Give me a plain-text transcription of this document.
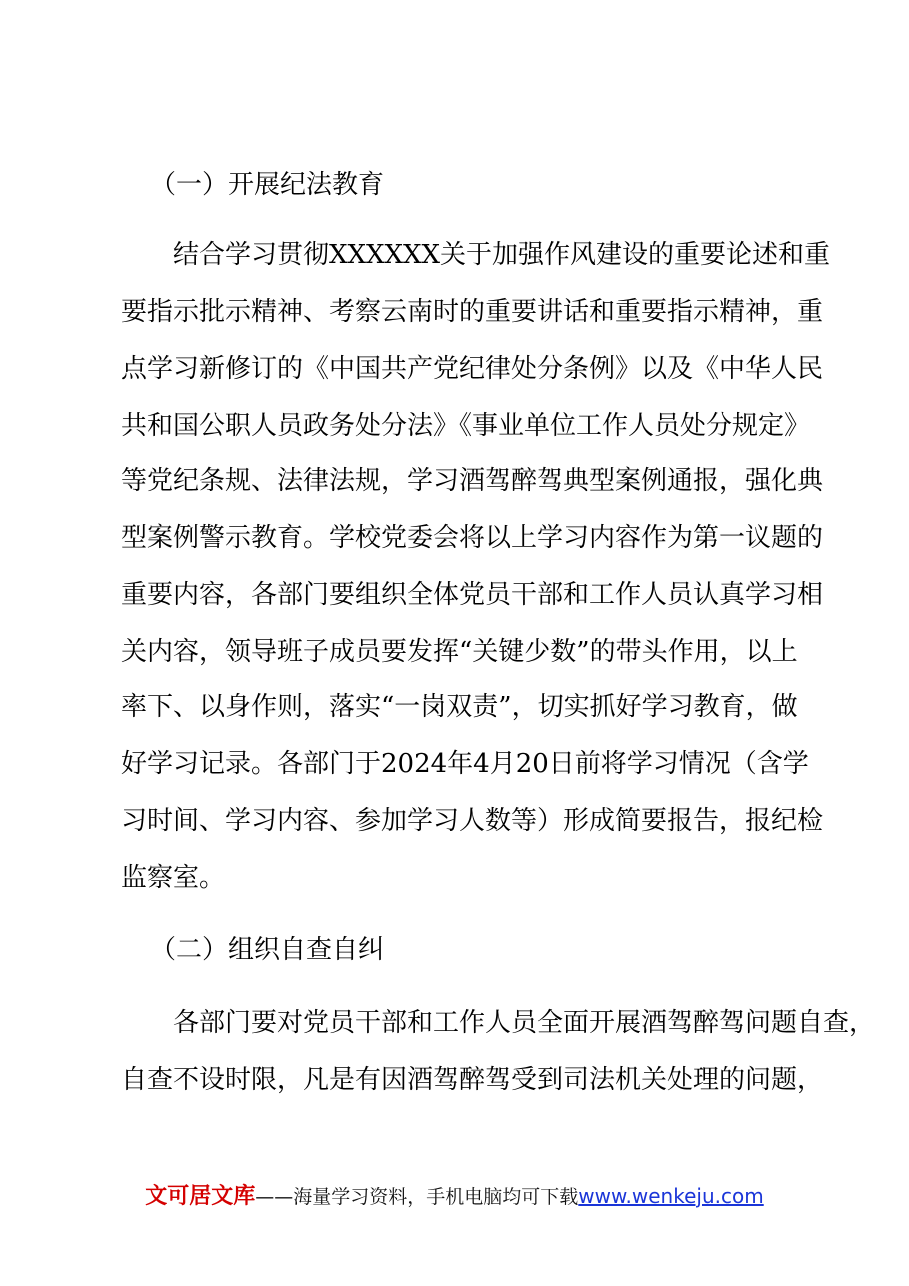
（一）开展纪法教育
　　结合学习贯彻XXXXXX关于加强作风建设的重要论述和重
要指示批示精神、考察云南时的重要讲话和重要指示精神，重
点学习新修订的《中国共产党纪律处分条例》以及《中华人民
共和国公职人员政务处分法》《事业单位工作人员处分规定》
等党纪条规、法律法规，学习酒驾醉驾典型案例通报，强化典
型案例警示教育。学校党委会将以上学习内容作为第一议题的
重要内容，各部门要组织全体党员干部和工作人员认真学习相
关内容，领导班子成员要发挥“关键少数”的带头作用，以上
率下、以身作则，落实“一岗双责”，切实抓好学习教育，做
好学习记录。各部门于2024年4月20日前将学习情况（含学
习时间、学习内容、参加学习人数等）形成简要报告，报纪检
监察室。
（二）组织自查自纠
　　各部门要对党员干部和工作人员全面开展酒驾醉驾问题自查，
自查不设时限，凡是有因酒驾醉驾受到司法机关处理的问题，
文可居文库——海量学习资料，手机电脑均可下载www.wenkeju.com
